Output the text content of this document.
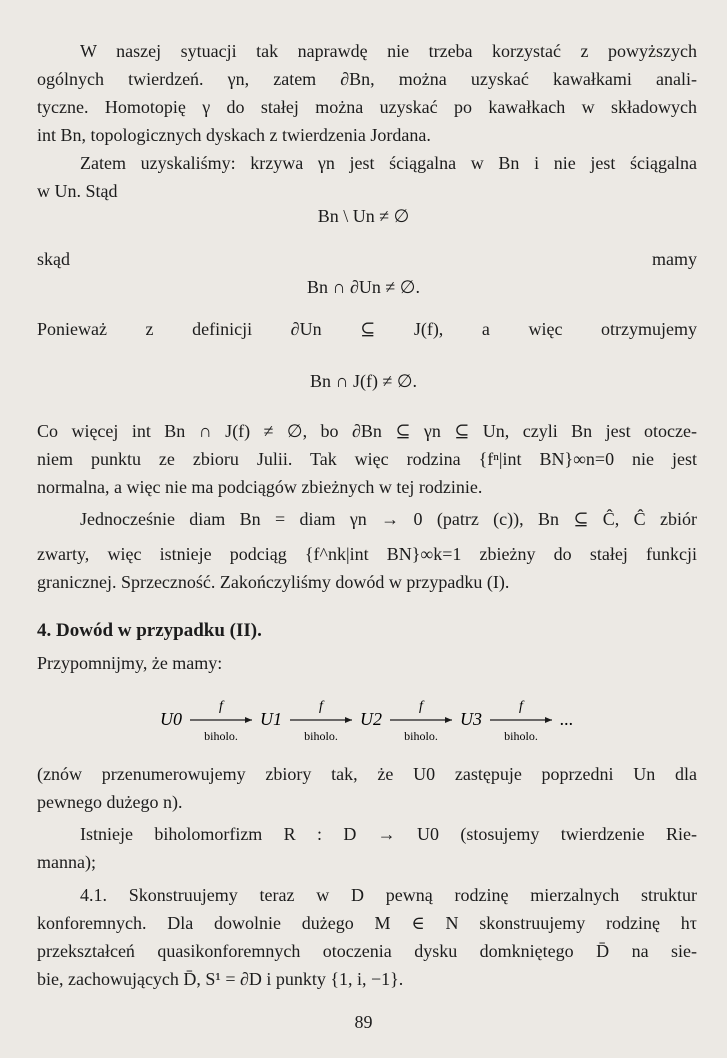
W naszej sytuacji tak naprawdę nie trzeba korzystać z powyższych
ogólnych twierdzeń. γn, zatem ∂Bn, można uzyskać kawałkami anali-
tyczne. Homotopię γ do stałej można uzyskać po kawałkach w składowych
int Bn, topologicznych dyskach z twierdzenia Jordana.
Zatem uzyskaliśmy: krzywa γn jest ściągalna w Bn i nie jest ściągalna
w Un. Stąd
skąd mamy
Ponieważ z definicji ∂Un ⊆ J(f), a więc otrzymujemy
Bn \ Un ≠ ∅
Bn ∩ ∂Un ≠ ∅.
Bn ∩ J(f) ≠ ∅.
Co więcej int Bn ∩ J(f) ≠ ∅, bo ∂Bn ⊆ γn ⊆ Un, czyli Bn jest otocze-
niem punktu ze zbioru Julii. Tak więc rodzina {fⁿ|int BN}∞n=0 nie jest
normalna, a więc nie ma podciągów zbieżnych w tej rodzinie.
Jednocześnie diam Bn = diam γn → 0 (patrz (c)), Bn ⊆ Ĉ, Ĉ zbiór
zwarty, więc istnieje podciąg {f^nk|int BN}∞k=1 zbieżny do stałej funkcji
granicznej. Sprzeczność. Zakończyliśmy dowód w przypadku (I).
(znów przenumerowujemy zbiory tak, że U0 zastępuje poprzedni Un dla
pewnego dużego n).
Istnieje biholomorfizm R : D → U0 (stosujemy twierdzenie Rie-
manna);
4.1. Skonstruujemy teraz w D pewną rodzinę mierzalnych struktur
konforemnych. Dla dowolnie dużego M ∈ N skonstruujemy rodzinę hτ
przekształceń quasikonforemnych otoczenia dysku domkniętego D̄ na sie-
bie, zachowujących D̄, S¹ = ∂D i punkty {1, i, −1}.
4. Dowód w przypadku (II).
Przypomnijmy, że mamy:
U0
f
biholo.
U1
f
biholo.
U2
f
biholo.
U3
f
biholo.
...
89
